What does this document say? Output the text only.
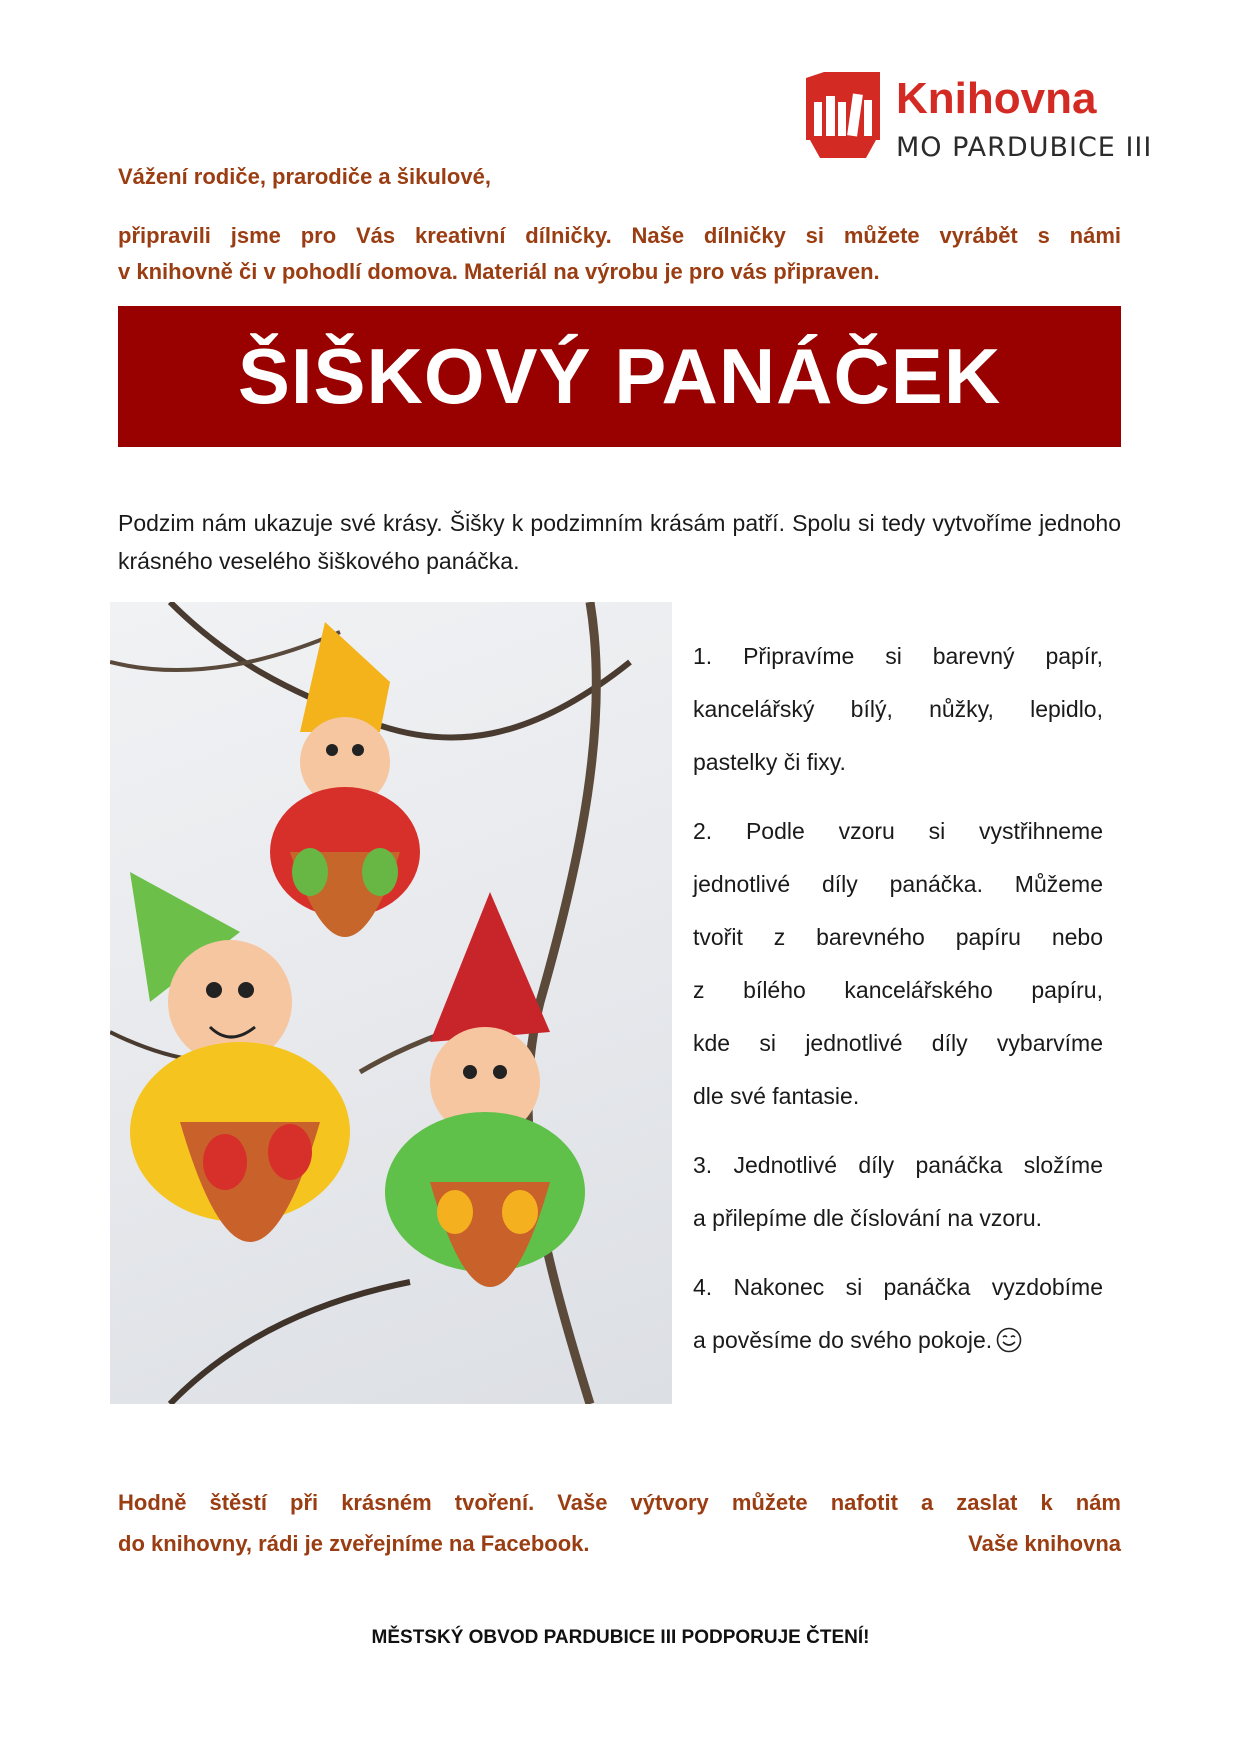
Knihovna
MO PARDUBICE III
Vážení rodiče, prarodiče a šikulové,
připravili jsme pro Vás kreativní dílničky. Naše dílničky si můžete vyrábět s námi
v knihovně či v pohodlí domova. Materiál na výrobu je pro vás připraven.
ŠIŠKOVÝ PANÁČEK
Podzim nám ukazuje své krásy. Šišky k podzimním krásám patří. Spolu si tedy vytvoříme jednoho krásného veselého šiškového panáčka.
1. Připravíme si barevný papír,
kancelářský bílý, nůžky, lepidlo,
pastelky či fixy.
2. Podle vzoru si vystřihneme
jednotlivé díly panáčka. Můžeme
tvořit z barevného papíru nebo
z bílého kancelářského papíru,
kde si jednotlivé díly vybarvíme
dle své fantasie.
3. Jednotlivé díly panáčka složíme
a přilepíme dle číslování na vzoru.
4. Nakonec si panáčka vyzdobíme
a pověsíme do svého pokoje.
Hodně štěstí při krásném tvoření. Vaše výtvory můžete nafotit a zaslat k nám
do knihovny, rádi je zveřejníme na Facebook.	Vaše knihovna
MĚSTSKÝ OBVOD PARDUBICE III PODPORUJE ČTENÍ!
